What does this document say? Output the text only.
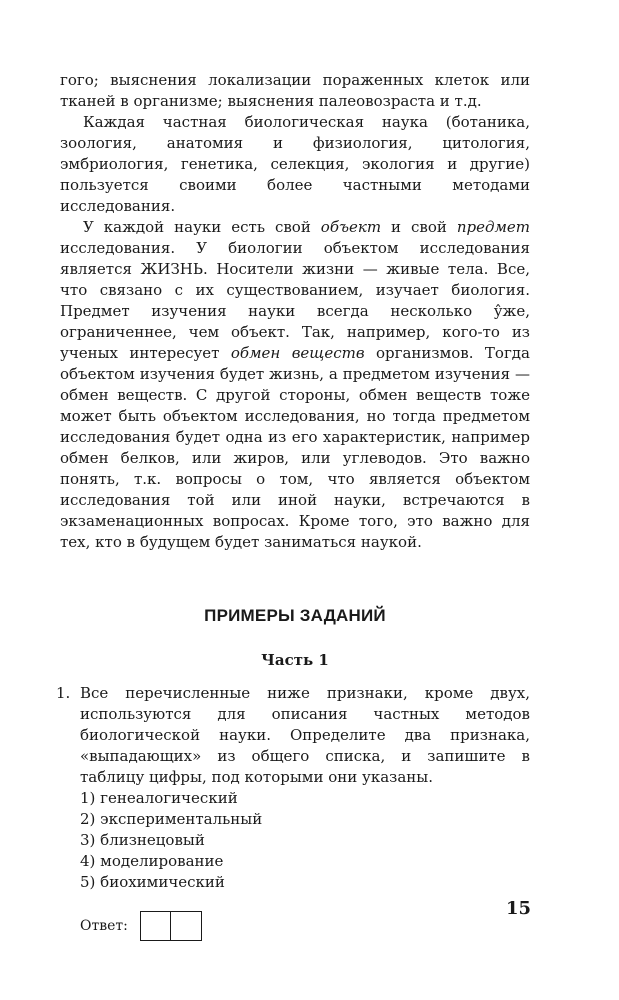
гого; выяснения локализации пораженных клеток или тканей в организме; выяснения палеовозраста и т.д.

Каждая частная биологическая наука (ботаника, зоология, анатомия и физиология, цитология, эмбриология, генетика, селекция, экология и другие) пользуется своими более частными методами исследования.

У каждой науки есть свой объект и свой предмет исследования. У биологии объектом исследования является ЖИЗНЬ. Носители жизни — живые тела. Все, что связано с их существованием, изучает биология. Предмет изучения науки всегда несколько у̂же, ограниченнее, чем объект. Так, например, кого-то из ученых интересует обмен веществ организмов. Тогда объектом изучения будет жизнь, а предметом изучения — обмен веществ. С другой стороны, обмен веществ тоже может быть объектом исследования, но тогда предметом исследования будет одна из его характеристик, например обмен белков, или жиров, или углеводов. Это важно понять, т.к. вопросы о том, что является объектом исследования той или иной науки, встречаются в экзаменационных вопросах. Кроме того, это важно для тех, кто в будущем будет заниматься наукой.

ПРИМЕРЫ ЗАДАНИЙ
Часть 1
1. Все перечисленные ниже признаки, кроме двух, используются для описания частных методов биологической науки. Определите два признака, «выпадающих» из общего списка, и запишите в таблицу цифры, под которыми они указаны.

1) генеалогический
2) экспериментальный
3) близнецовый
4) моделирование
5) биохимический
Ответ:
15
